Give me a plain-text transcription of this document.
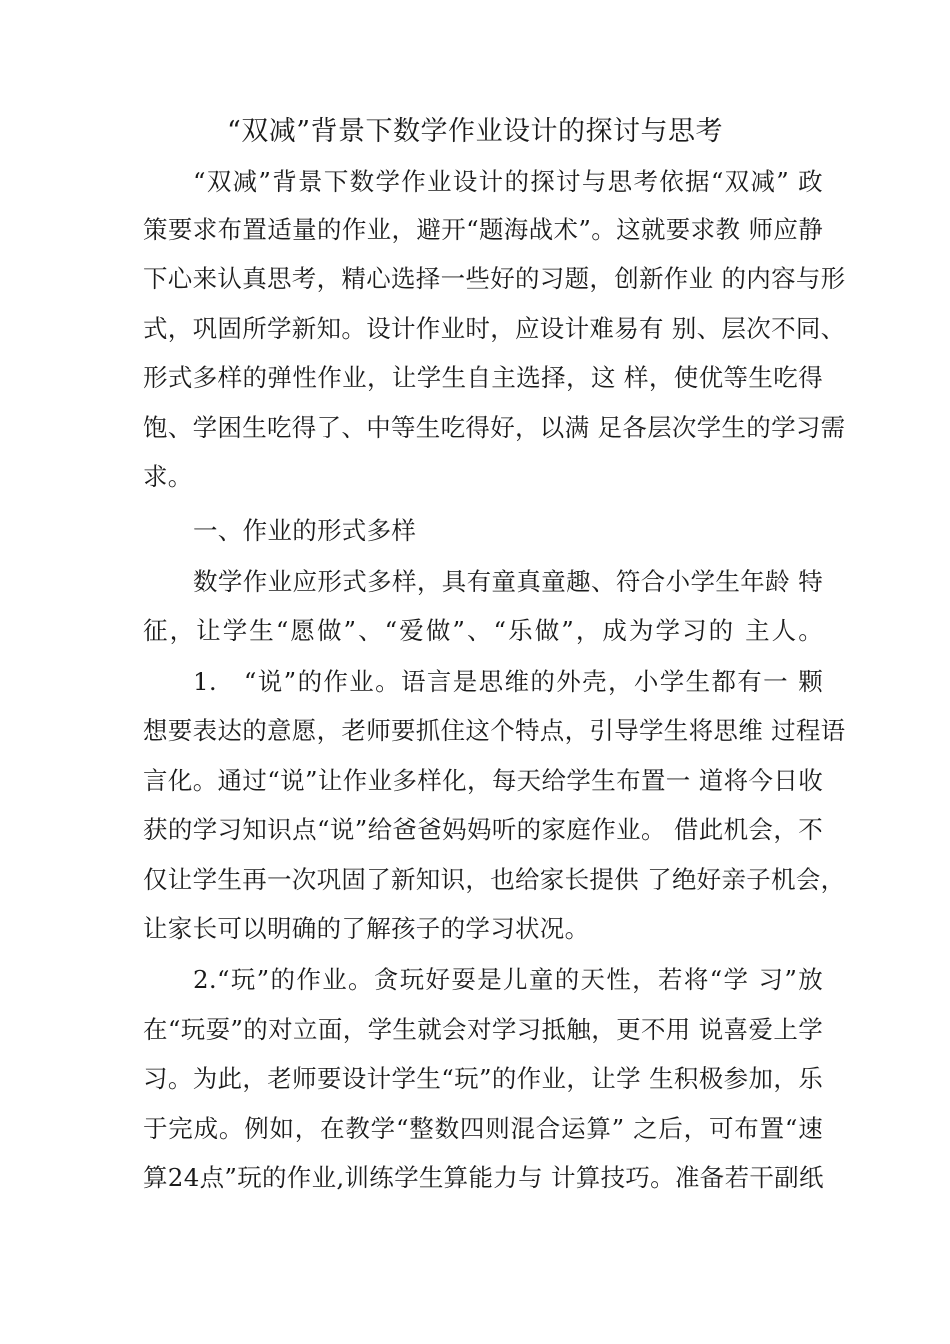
“双减”背景下数学作业设计的探讨与思考
“双减”背景下数学作业设计的探讨与思考依据“双减” 政
策要求布置适量的作业，避开“题海战术”。这就要求教 师应静
下心来认真思考，精心选择一些好的习题，创新作业 的内容与形
式，巩固所学新知。设计作业时，应设计难易有 别、层次不同、
形式多样的弹性作业，让学生自主选择，这 样，使优等生吃得
饱、学困生吃得了、中等生吃得好，以满 足各层次学生的学习需
求。
一、作业的形式多样
数学作业应形式多样，具有童真童趣、符合小学生年龄 特
征，让学生“愿做”、“爱做”、“乐做”，成为学习的 主人。
1.　“说”的作业。语言是思维的外壳，小学生都有一 颗
想要表达的意愿，老师要抓住这个特点，引导学生将思维 过程语
言化。通过“说”让作业多样化，每天给学生布置一 道将今日收
获的学习知识点“说”给爸爸妈妈听的家庭作业。 借此机会，不
仅让学生再一次巩固了新知识，也给家长提供 了绝好亲子机会，
让家长可以明确的了解孩子的学习状况。
2.“玩”的作业。贪玩好耍是儿童的天性，若将“学 习”放
在“玩耍”的对立面，学生就会对学习抵触，更不用 说喜爱上学
习。为此，老师要设计学生“玩”的作业，让学 生积极参加，乐
于完成。例如，在教学“整数四则混合运算” 之后，可布置“速
算24点”玩的作业,训练学生算能力与 计算技巧。准备若干副纸
